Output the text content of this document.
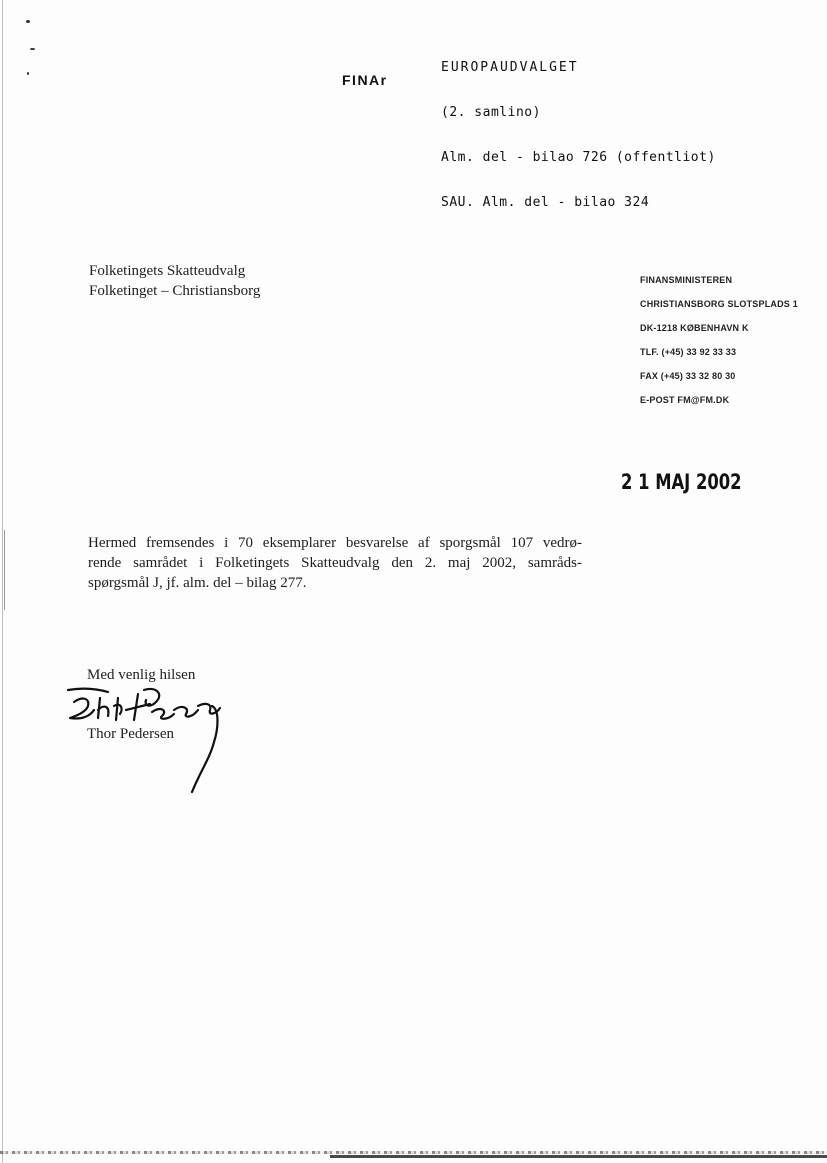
EUROPAUDVALGET

(2. samlino)

Alm. del - bilao 726 (offentliot)

SAU. Alm. del - bilao 324

FINAr
Folketingets Skatteudvalg
Folketinget – Christiansborg
FINANSMINISTEREN
CHRISTIANSBORG SLOTSPLADS 1
DK-1218 KØBENHAVN K
TLF. (+45) 33 92 33 33
FAX (+45) 33 32 80 30
E-POST FM@FM.DK
2 1 MAJ 2002
Hermed fremsendes i 70 eksemplarer besvarelse af sporgsmål 107 vedrø-
rende samrådet i Folketingets Skatteudvalg den 2. maj 2002, samråds-
spørgsmål J, jf. alm. del – bilag 277.
Med venlig hilsen
Thor Pedersen
